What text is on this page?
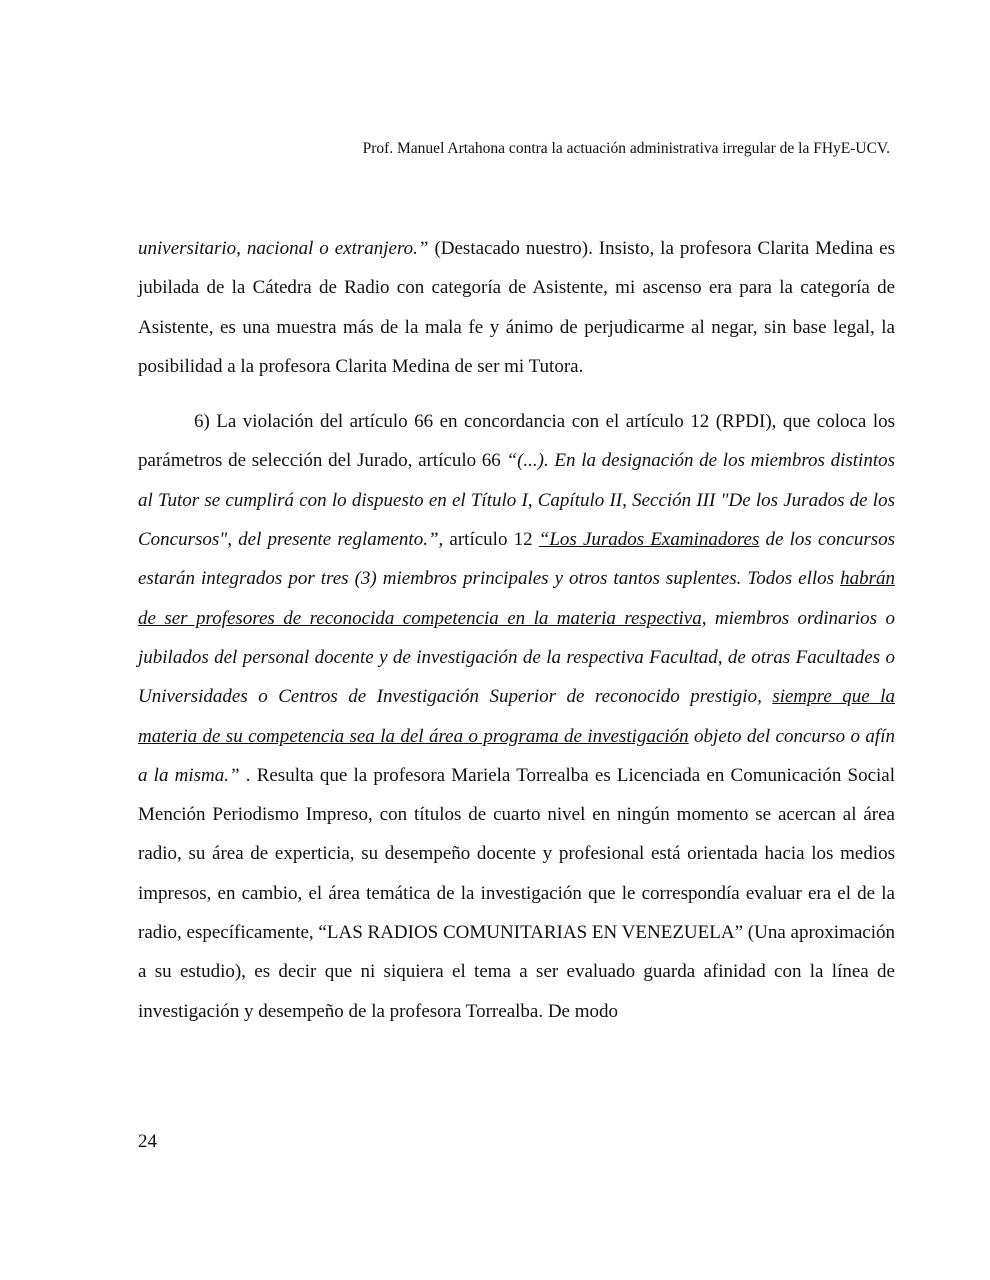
Prof. Manuel Artahona contra la actuación administrativa irregular de la FHyE-UCV.

universitario, nacional o extranjero.” (Destacado nuestro). Insisto, la profesora Clarita Medina es jubilada de la Cátedra de Radio con categoría de Asistente, mi ascenso era para la categoría de Asistente, es una muestra más de la mala fe y ánimo de perjudicarme al negar, sin base legal, la posibilidad a la profesora Clarita Medina de ser mi Tutora.

6) La violación del artículo 66 en concordancia con el artículo 12 (RPDI), que coloca los parámetros de selección del Jurado, artículo 66 “(...). En la designación de los miembros distintos al Tutor se cumplirá con lo dispuesto en el Título I, Capítulo II, Sección III "De los Jurados de los Concursos", del presente reglamento.”, artículo 12 “Los Jurados Examinadores de los concursos estarán integrados por tres (3) miembros principales y otros tantos suplentes. Todos ellos habrán de ser profesores de reconocida competencia en la materia respectiva, miembros ordinarios o jubilados del personal docente y de investigación de la respectiva Facultad, de otras Facultades o Universidades o Centros de Investigación Superior de reconocido prestigio, siempre que la materia de su competencia sea la del área o programa de investigación objeto del concurso o afín a la misma.” . Resulta que la profesora Mariela Torrealba es Licenciada en Comunicación Social Mención Periodismo Impreso, con títulos de cuarto nivel en ningún momento se acercan al área radio, su área de experticia, su desempeño docente y profesional está orientada hacia los medios impresos, en cambio, el área temática de la investigación que le correspondía evaluar era el de la radio, específicamente, “LAS RADIOS COMUNITARIAS EN VENEZUELA” (Una aproximación a su estudio), es decir que ni siquiera el tema a ser evaluado guarda afinidad con la línea de investigación y desempeño de la profesora Torrealba. De modo

24
